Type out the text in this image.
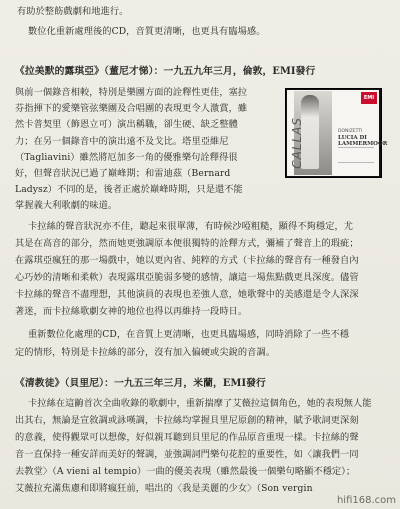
有助於整飭戲劇和地進行。
數位化重新處理後的CD，音質更清晰，也更具有臨場感。
《拉美默的露琪亞》（董尼才悌）：一九五九年三月，倫敦，EMI發行
與前一個錄音相較，特別是樂團方面的詮釋性更佳，塞拉
芬指揮下的愛樂管弦樂團及合唱團的表現更令人激賞，雖
然卡普契里（飾恩立可）演出稱職，卻生硬、缺乏整體
力；在另一個錄音中的演出遠不及戈比。塔里亞維尼
（Tagliavini）雖然將厄加多一角的優雅樂句詮釋得很
好，但聲音狀況已過了巔峰期；和雷迪茲（Bernard
Ladysz）不同的是，後者正處於巔峰時期，只是還不能
掌握義大利歌劇的味道。
CALLAS
EMI
DONIZETTI
LUCIA DI LAMMERMOOR
卡拉絲的聲音狀況亦不佳，聽起來很單薄，有時候沙啞粗糙，顯得不夠穩定，尤
其是在高音的部分，然而她更強調原本便很獨特的詮釋方式，彌補了聲音上的瑕疵；
在露琪亞瘋狂的那一場戲中，她以更內省、純粹的方式（卡拉絲的聲音有一種發自內
心巧妙的清晰和柔軟）表現露琪亞脆弱多變的感情，讓這一場焦點戲更具深度。儘管
卡拉絲的聲音不盡理想，其他演員的表現也差強人意，她歌聲中的美感還是令人深深
著迷，而卡拉絲歌劇女神的地位也得以再維持一段時日。
重新數位化處理的CD，在音質上更清晰，也更具臨場感，同時消除了一些不穩
定的情形，特別是卡拉絲的部分，沒有加入偏硬或尖銳的音調。
《清教徒》（貝里尼）：一九五三年三月，米蘭，EMI發行
卡拉絲在這齣首次全曲收錄的歌劇中，重新揣摩了艾薇拉這個角色，她的表現無人能
出其右，無論是宣敘調或詠嘆調，卡拉絲均掌握貝里尼原創的精神，賦予歌詞更深刻
的意義，使得觀眾可以想像，好似親耳聽到貝里尼的作品原音重現一樣。卡拉絲的聲
音一直保持一種安詳而美好的聲調，並強調詞門樂句花腔的重要性，如〈讓我們一同
去教堂〉（A vieni al tempio）一曲的優美表現（雖然最後一個樂句略顯不穩定）；
艾薇拉充滿焦慮和即將瘋狂前，唱出的〈我是美麗的少女〉（Son vergin
hifi168.com
